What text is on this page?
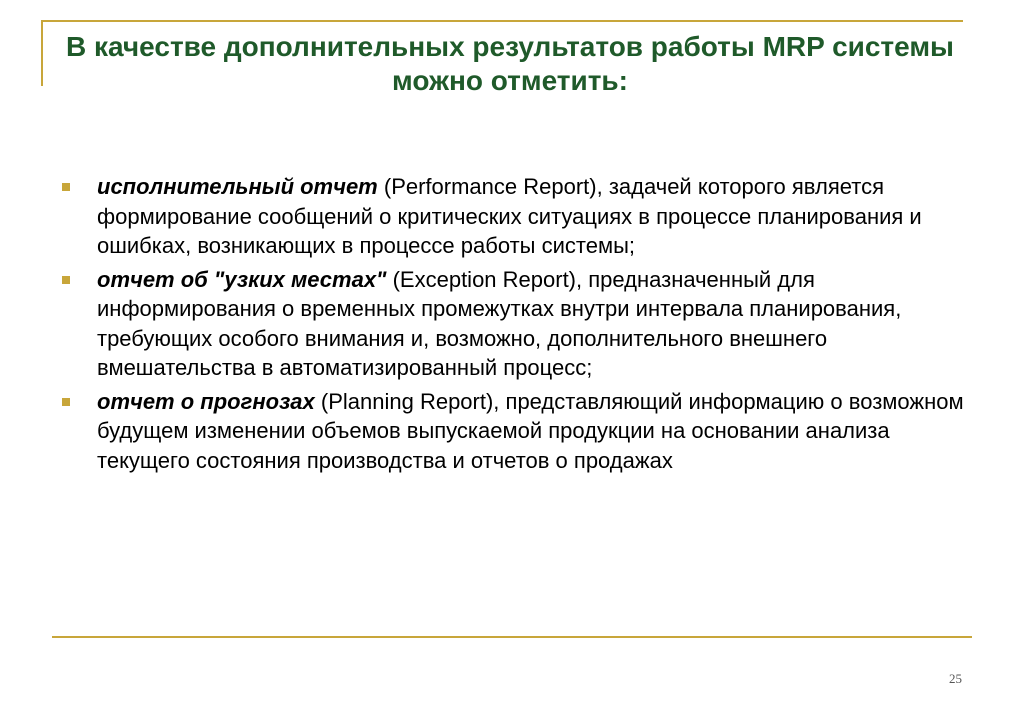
В качестве дополнительных результатов работы MRP системы можно отметить:
исполнительный отчет (Performance Report), задачей которого является формирование сообщений о критических ситуациях в процессе планирования и ошибках, возникающих в процессе работы системы;
отчет об "узких местах" (Exception Report), предназначенный для информирования о временных промежутках внутри интервала планирования, требующих особого внимания и, возможно, дополнительного внешнего вмешательства в автоматизированный процесс;
отчет о прогнозах (Planning Report), представляющий информацию о возможном будущем изменении объемов выпускаемой продукции на основании анализа текущего состояния производства и отчетов о продажах
25
